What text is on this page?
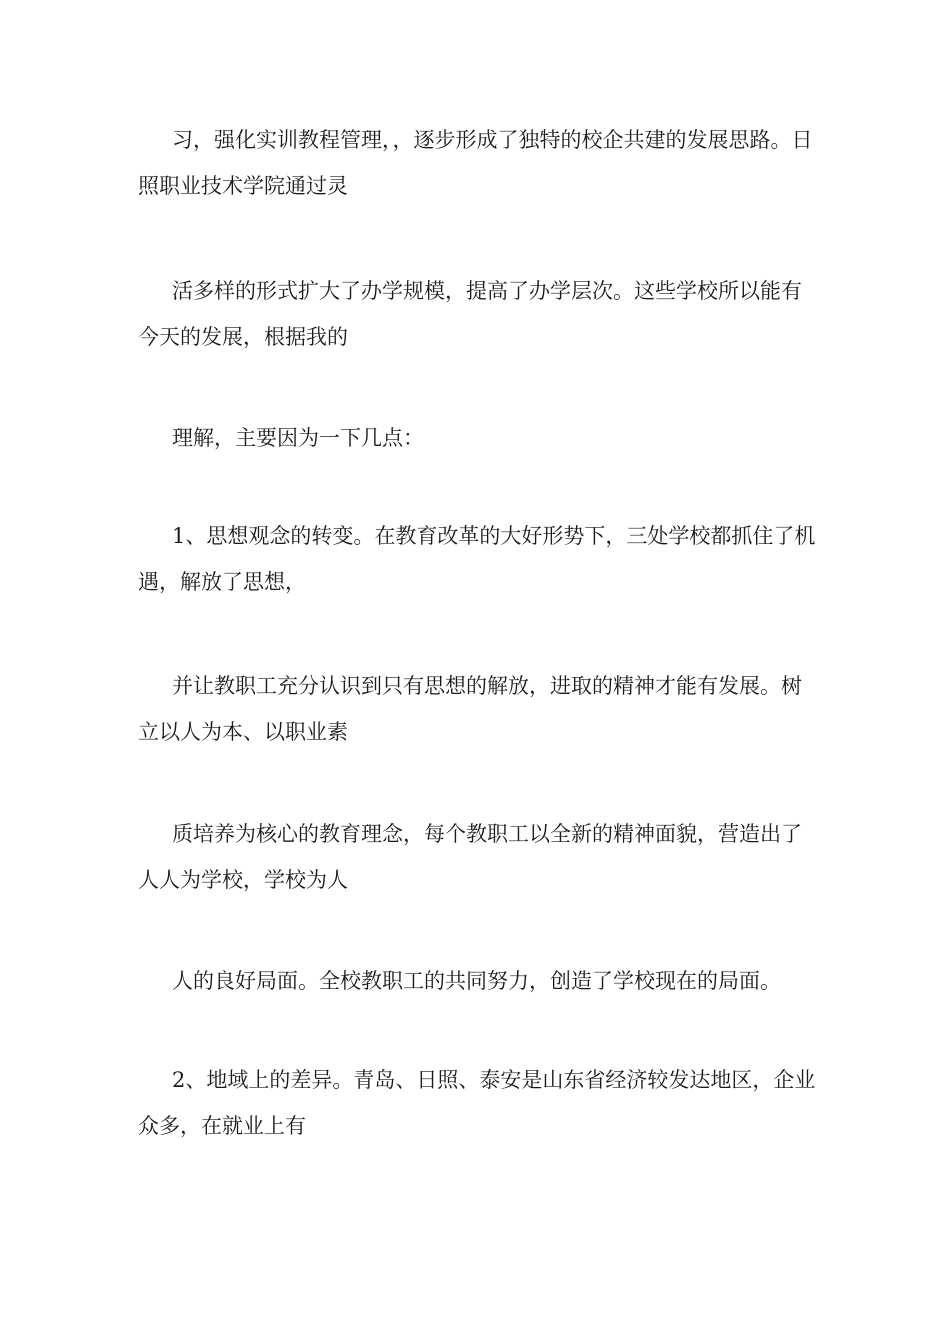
习，强化实训教程管理，，逐步形成了独特的校企共建的发展思路。日照职业技术学院通过灵

活多样的形式扩大了办学规模，提高了办学层次。这些学校所以能有今天的发展，根据我的

理解，主要因为一下几点：

1、思想观念的转变。在教育改革的大好形势下，三处学校都抓住了机遇，解放了思想，

并让教职工充分认识到只有思想的解放，进取的精神才能有发展。树立以人为本、以职业素

质培养为核心的教育理念，每个教职工以全新的精神面貌，营造出了人人为学校，学校为人

人的良好局面。全校教职工的共同努力，创造了学校现在的局面。

2、地域上的差异。青岛、日照、泰安是山东省经济较发达地区，企业众多，在就业上有
